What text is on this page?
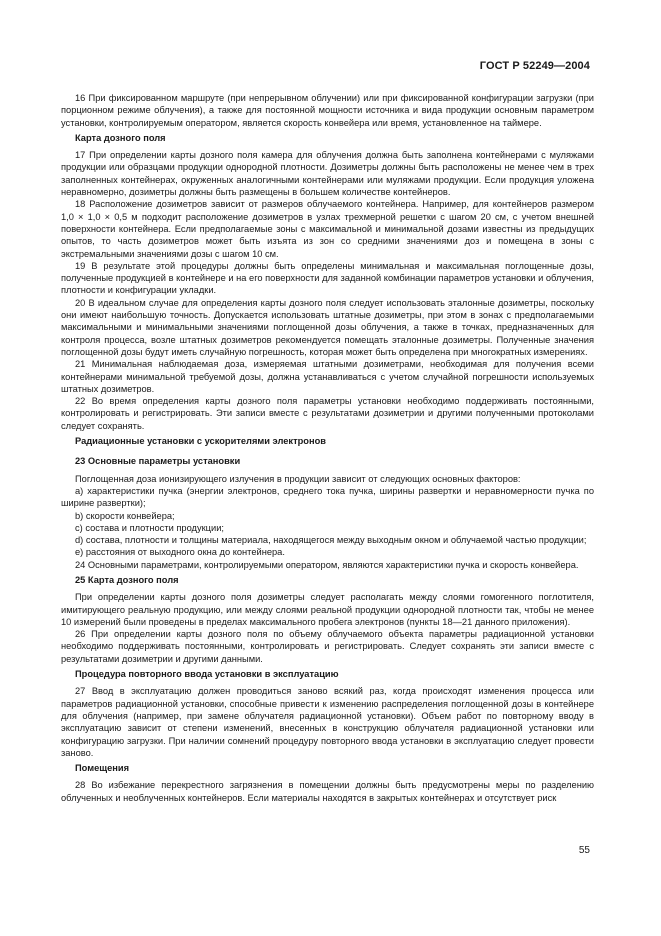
ГОСТ Р 52249—2004

16 При фиксированном маршруте (при непрерывном облучении) или при фиксированной конфигурации загрузки (при порционном режиме облучения), а также для постоянной мощности источника и вида продукции основным параметром установки, контролируемым оператором, является скорость конвейера или время, установленное на таймере.

Карта дозного поля

17 При определении карты дозного поля камера для облучения должна быть заполнена контейнерами с муляжами продукции или образцами продукции однородной плотности. Дозиметры должны быть расположены не менее чем в трех заполненных контейнерах, окруженных аналогичными контейнерами или муляжами продукции. Если продукция уложена неравномерно, дозиметры должны быть размещены в большем количестве контейнеров.

18 Расположение дозиметров зависит от размеров облучаемого контейнера. Например, для контейнеров размером 1,0 × 1,0 × 0,5 м подходит расположение дозиметров в узлах трехмерной решетки с шагом 20 см, с учетом внешней поверхности контейнера. Если предполагаемые зоны с максимальной и минимальной дозами известны из предыдущих опытов, то часть дозиметров может быть изъята из зон со средними значениями доз и помещена в зоны с экстремальными значениями дозы с шагом 10 см.

19 В результате этой процедуры должны быть определены минимальная и максимальная поглощенные дозы, полученные продукцией в контейнере и на его поверхности для заданной комбинации параметров установки и облучения, плотности и конфигурации укладки.

20 В идеальном случае для определения карты дозного поля следует использовать эталонные дозиметры, поскольку они имеют наибольшую точность. Допускается использовать штатные дозиметры, при этом в зонах с предполагаемыми максимальными и минимальными значениями поглощенной дозы облучения, а также в точках, предназначенных для контроля процесса, возле штатных дозиметров рекомендуется помещать эталонные дозиметры. Полученные значения поглощенной дозы будут иметь случайную погрешность, которая может быть определена при многократных измерениях.

21 Минимальная наблюдаемая доза, измеряемая штатными дозиметрами, необходимая для получения всеми контейнерами минимальной требуемой дозы, должна устанавливаться с учетом случайной погрешности используемых штатных дозиметров.

22 Во время определения карты дозного поля параметры установки необходимо поддерживать постоянными, контролировать и регистрировать. Эти записи вместе с результатами дозиметрии и другими полученными протоколами следует сохранять.

Радиационные установки с ускорителями электронов
23 Основные параметры установки

Поглощенная доза ионизирующего излучения в продукции зависит от следующих основных факторов:

a) характеристики пучка (энергии электронов, среднего тока пучка, ширины развертки и неравномерности пучка по ширине развертки);

b) скорости конвейера;

c) состава и плотности продукции;

d) состава, плотности и толщины материала, находящегося между выходным окном и облучаемой частью продукции;

e) расстояния от выходного окна до контейнера.

24 Основными параметрами, контролируемыми оператором, являются характеристики пучка и скорость конвейера.

25 Карта дозного поля

При определении карты дозного поля дозиметры следует располагать между слоями гомогенного поглотителя, имитирующего реальную продукцию, или между слоями реальной продукции однородной плотности так, чтобы не менее 10 измерений были проведены в пределах максимального пробега электронов (пункты 18—21 данного приложения).

26 При определении карты дозного поля по объему облучаемого объекта параметры радиационной установки необходимо поддерживать постоянными, контролировать и регистрировать. Следует сохранять эти записи вместе с результатами дозиметрии и другими данными.

Процедура повторного ввода установки в эксплуатацию

27 Ввод в эксплуатацию должен проводиться заново всякий раз, когда происходят изменения процесса или параметров радиационной установки, способные привести к изменению распределения поглощенной дозы в контейнере для облучения (например, при замене облучателя радиационной установки). Объем работ по повторному вводу в эксплуатацию зависит от степени изменений, внесенных в конструкцию облучателя радиационной установки или конфигурацию загрузки. При наличии сомнений процедуру повторного ввода установки в эксплуатацию следует провести заново.

Помещения

28 Во избежание перекрестного загрязнения в помещении должны быть предусмотрены меры по разделению облученных и необлученных контейнеров. Если материалы находятся в закрытых контейнерах и отсутствует риск

55
